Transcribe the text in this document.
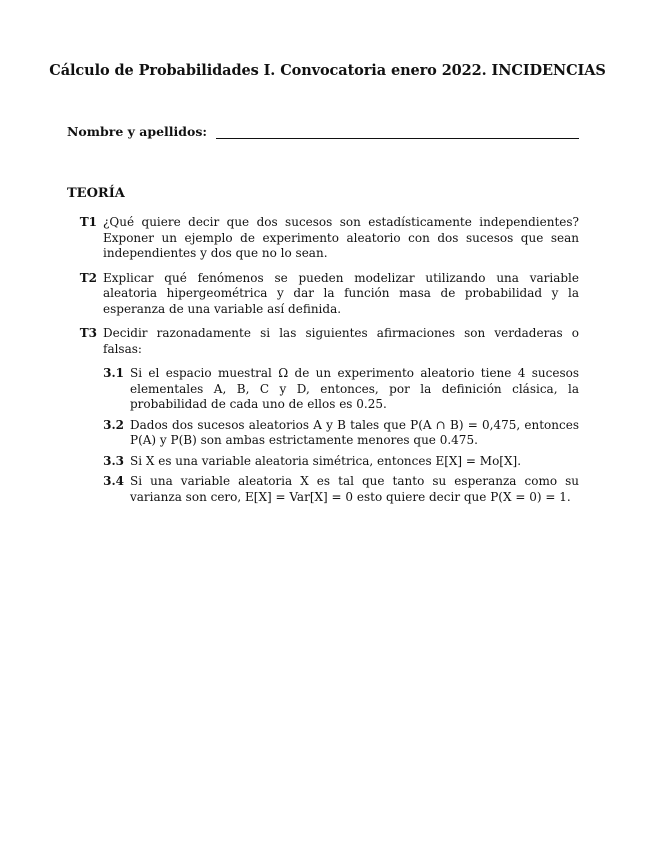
Cálculo de Probabilidades I. Convocatoria enero 2022. INCIDENCIAS
Nombre y apellidos:
TEORÍA
T1 ¿Qué quiere decir que dos sucesos son estadísticamente independientes? Exponer un ejemplo de experimento aleatorio con dos sucesos que sean independientes y dos que no lo sean.
T2 Explicar qué fenómenos se pueden modelizar utilizando una variable aleatoria hipergeométrica y dar la función masa de probabilidad y la esperanza de una variable así definida.
T3 Decidir razonadamente si las siguientes afirmaciones son verdaderas o falsas:
3.1 Si el espacio muestral Ω de un experimento aleatorio tiene 4 sucesos elementales A, B, C y D, entonces, por la definición clásica, la probabilidad de cada uno de ellos es 0.25.
3.2 Dados dos sucesos aleatorios A y B tales que P(A ∩ B) = 0,475, entonces P(A) y P(B) son ambas estrictamente menores que 0.475.
3.3 Si X es una variable aleatoria simétrica, entonces E[X] = Mo[X].
3.4 Si una variable aleatoria X es tal que tanto su esperanza como su varianza son cero, E[X] = Var[X] = 0 esto quiere decir que P(X = 0) = 1.
